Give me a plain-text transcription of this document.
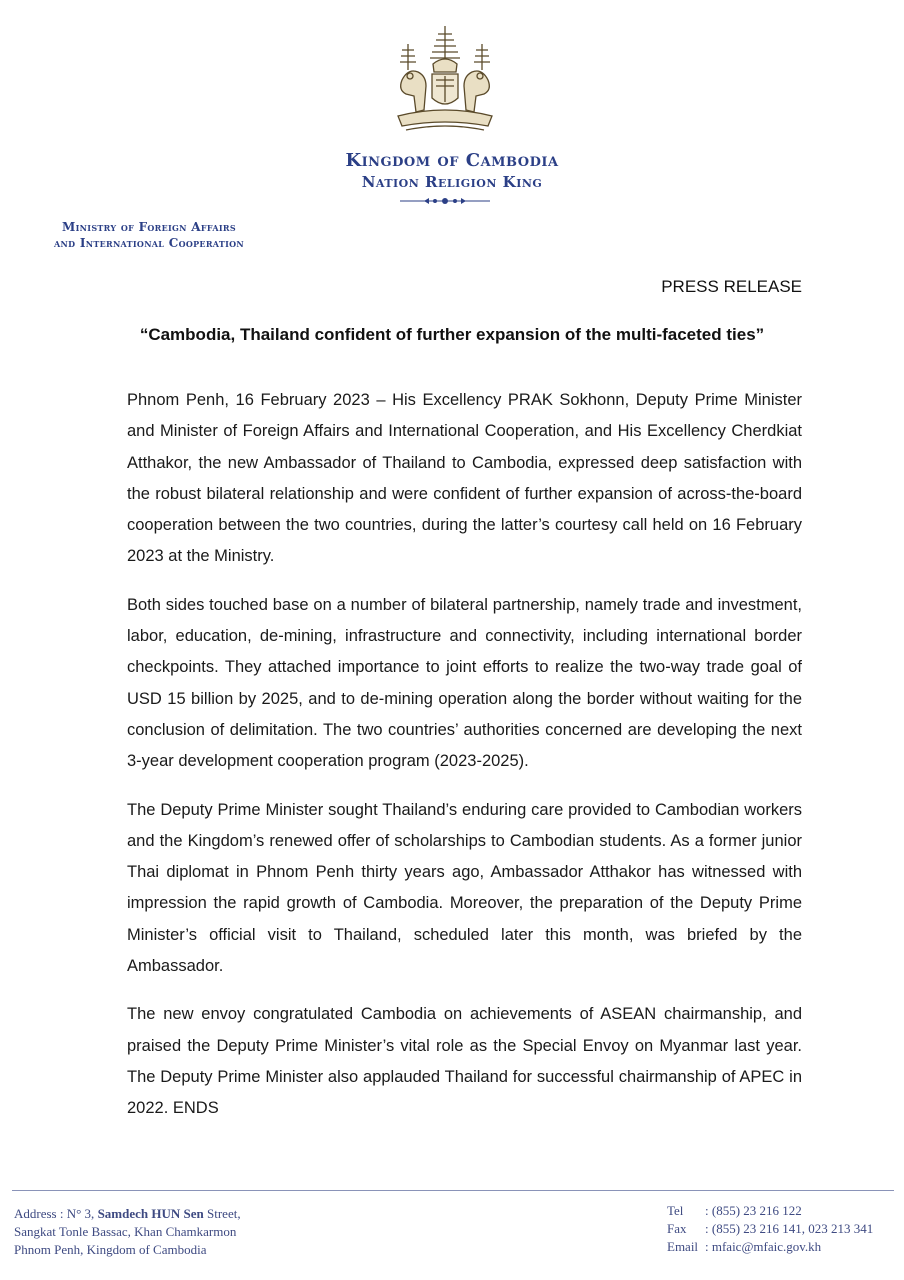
Kingdom of Cambodia
Nation Religion King
Ministry of Foreign Affairs
and International Cooperation
PRESS RELEASE
“Cambodia, Thailand confident of further expansion of the multi-faceted ties”

Phnom Penh, 16 February 2023 – His Excellency PRAK Sokhonn, Deputy Prime Minister and Minister of Foreign Affairs and International Cooperation, and His Excellency Cherdkiat Atthakor, the new Ambassador of Thailand to Cambodia, expressed deep satisfaction with the robust bilateral relationship and were confident of further expansion of across-the-board cooperation between the two countries, during the latter’s courtesy call held on 16 February 2023 at the Ministry.

Both sides touched base on a number of bilateral partnership, namely trade and investment, labor, education, de-mining, infrastructure and connectivity, including international border checkpoints. They attached importance to joint efforts to realize the two-way trade goal of USD 15 billion by 2025, and to de-mining operation along the border without waiting for the conclusion of delimitation. The two countries’ authorities concerned are developing the next 3-year development cooperation program (2023-2025).

The Deputy Prime Minister sought Thailand’s enduring care provided to Cambodian workers and the Kingdom’s renewed offer of scholarships to Cambodian students. As a former junior Thai diplomat in Phnom Penh thirty years ago, Ambassador Atthakor has witnessed with impression the rapid growth of Cambodia. Moreover, the preparation of the Deputy Prime Minister’s official visit to Thailand, scheduled later this month, was briefed by the Ambassador.

The new envoy congratulated Cambodia on achievements of ASEAN chairmanship, and praised the Deputy Prime Minister’s vital role as the Special Envoy on Myanmar last year. The Deputy Prime Minister also applauded Thailand for successful chairmanship of APEC in 2022. ENDS

Address : N° 3, Samdech HUN Sen Street,
Sangkat Tonle Bassac, Khan Chamkarmon
Phnom Penh, Kingdom of Cambodia
Tel : (855) 23 216 122
Fax : (855) 23 216 141, 023 213 341
Email : mfaic@mfaic.gov.kh
